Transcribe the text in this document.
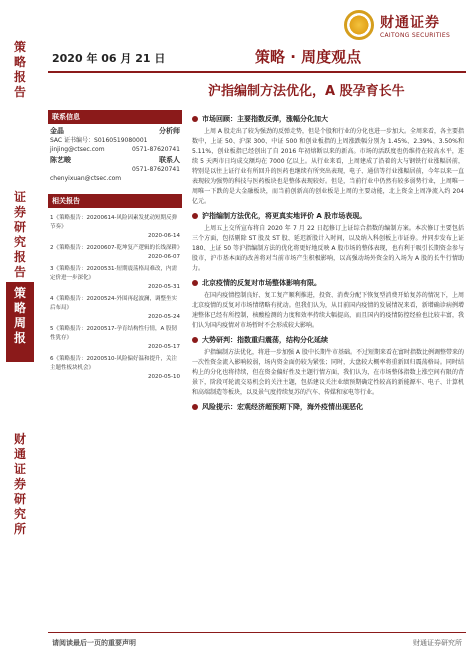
策略报告
证券研究报告
策略周报
财通证券研究所
财通证券
CAITONG SECURITIES
2020 年 06 月 21 日	策略 · 周度观点
沪指编制方法优化，A 股孕育长牛
联系信息
金晶	分析师
SAC 证书编号：S0160519080001
jinjing@ctsec.com	0571-87620741
陈艺畯	联系人
0571-87620741
chenyixuan@ctsec.com
相关报告
1《策略报告：20200614-风险因素发扰动短期反弹节奏》
2020-06-14
2《策略报告：20200607-乾坤复产逻辑的长线深耕》
2020-06-07
3《策略报告：20200531-短期震荡格局难改，内需定价进一步深化》
2020-05-31
4《策略报告：20200524-外围再起波澜，调整坐实后布局》
2020-05-24
5《策略报告：20200517-孕育结构性行情，A 股韧性犹存》
2020-05-17
6《策略报告：20200510-风险偏好温和提升，关注主题性板块机会》
2020-05-10
市场回顾：主要指数反弹，涨幅分化加大

上周 A 股走出了较为强劲的反弹走势，但是个股和行业的分化也进一步加大。全周来看，各主要指数中，上证 50、沪深 300、中证 500 和创业板指的上周涨跌幅分别为 1.45%、2.39%、3.50%和 5.11%，创业板指已经创出了自 2016 年初熔断以来的新高。市场的活跃度也仍维持在较高水平，连续 5 天两市日均成交额均在 7000 亿以上。从行业来看，上周建成了沿着的大与钢铁行业涨幅居前，特别是以往上证行业有所回升的医药也继续有所突出表现，电子、通信等行业涨幅居前，今年以来一直表现较为强势的科技与医药板块也是整体表现较好。但是，当前行业中仍然有较多弱势行业，上周唯一周唯一下跌的是大金融板块，而当前创新高的创业板是上周的主要动能，北上资金上周净流入约 204 亿元。

沪指编制方法优化，将更真实地评价 A 股市场表现。

上周五上交所宣布将自 2020 年 7 月 22 日起修订上证综合指数的编制方案。本次修订主要包括三个方面，包括剔除 ST 股及 ST 股、延迟新股计入时间，以及纳入科创板上市证券。并同步发布上证 180、上证 50 等沪指编制方法的优化将更好地反映 A 股市场的整体表现，也有利于吸引长期资金参与股市，沪市基本面的改善将对当前市场产生积极影响，以高强动场外资金的入场为 A 股的长牛行情助力。

北京疫情的反复对市场整体影响有限。

在国内疫情控制良好、复工复产顺利推进，投资、消费分配下恢复型消费开始复苏的情况下，上周北京疫情的反复对市场情绪略有扰动。但我们认为，从目前国内疫情的发展情况来看，新增确诊病例增速整体已经有所控制，核酸检测的力度和效率持续大幅提高，而且国内的疫情防控经验也比较丰富，我们认为国内疫情对市场暂时不会形成较大影响。

大势研判：指数重归震荡，结构分化延续

沪指编制方法优化，将进一步加强 A 股中长期牛市基础。不过短期来看在富时指数比例调整带来的一次性资金流入影响较弱，场内资金面仍较为紧张；同时，大盘较大概率将重新回归震荡格局。同时结构上的分化也将持续，但在资金偏好性及主题行情方面，我们认为，在市场整体指数上涨空间有限的背景下，阶段可轮流交易机会的关注主题，包括建议关注业绩预期确定性较高的新能源车、电子、计算机和高端制造等板块，以及景气度持续复苏的汽车、传媒和家电等行业。

风险提示：宏观经济超预期下降，海外疫情出现恶化
请阅读最后一页的重要声明	财通证券研究所
